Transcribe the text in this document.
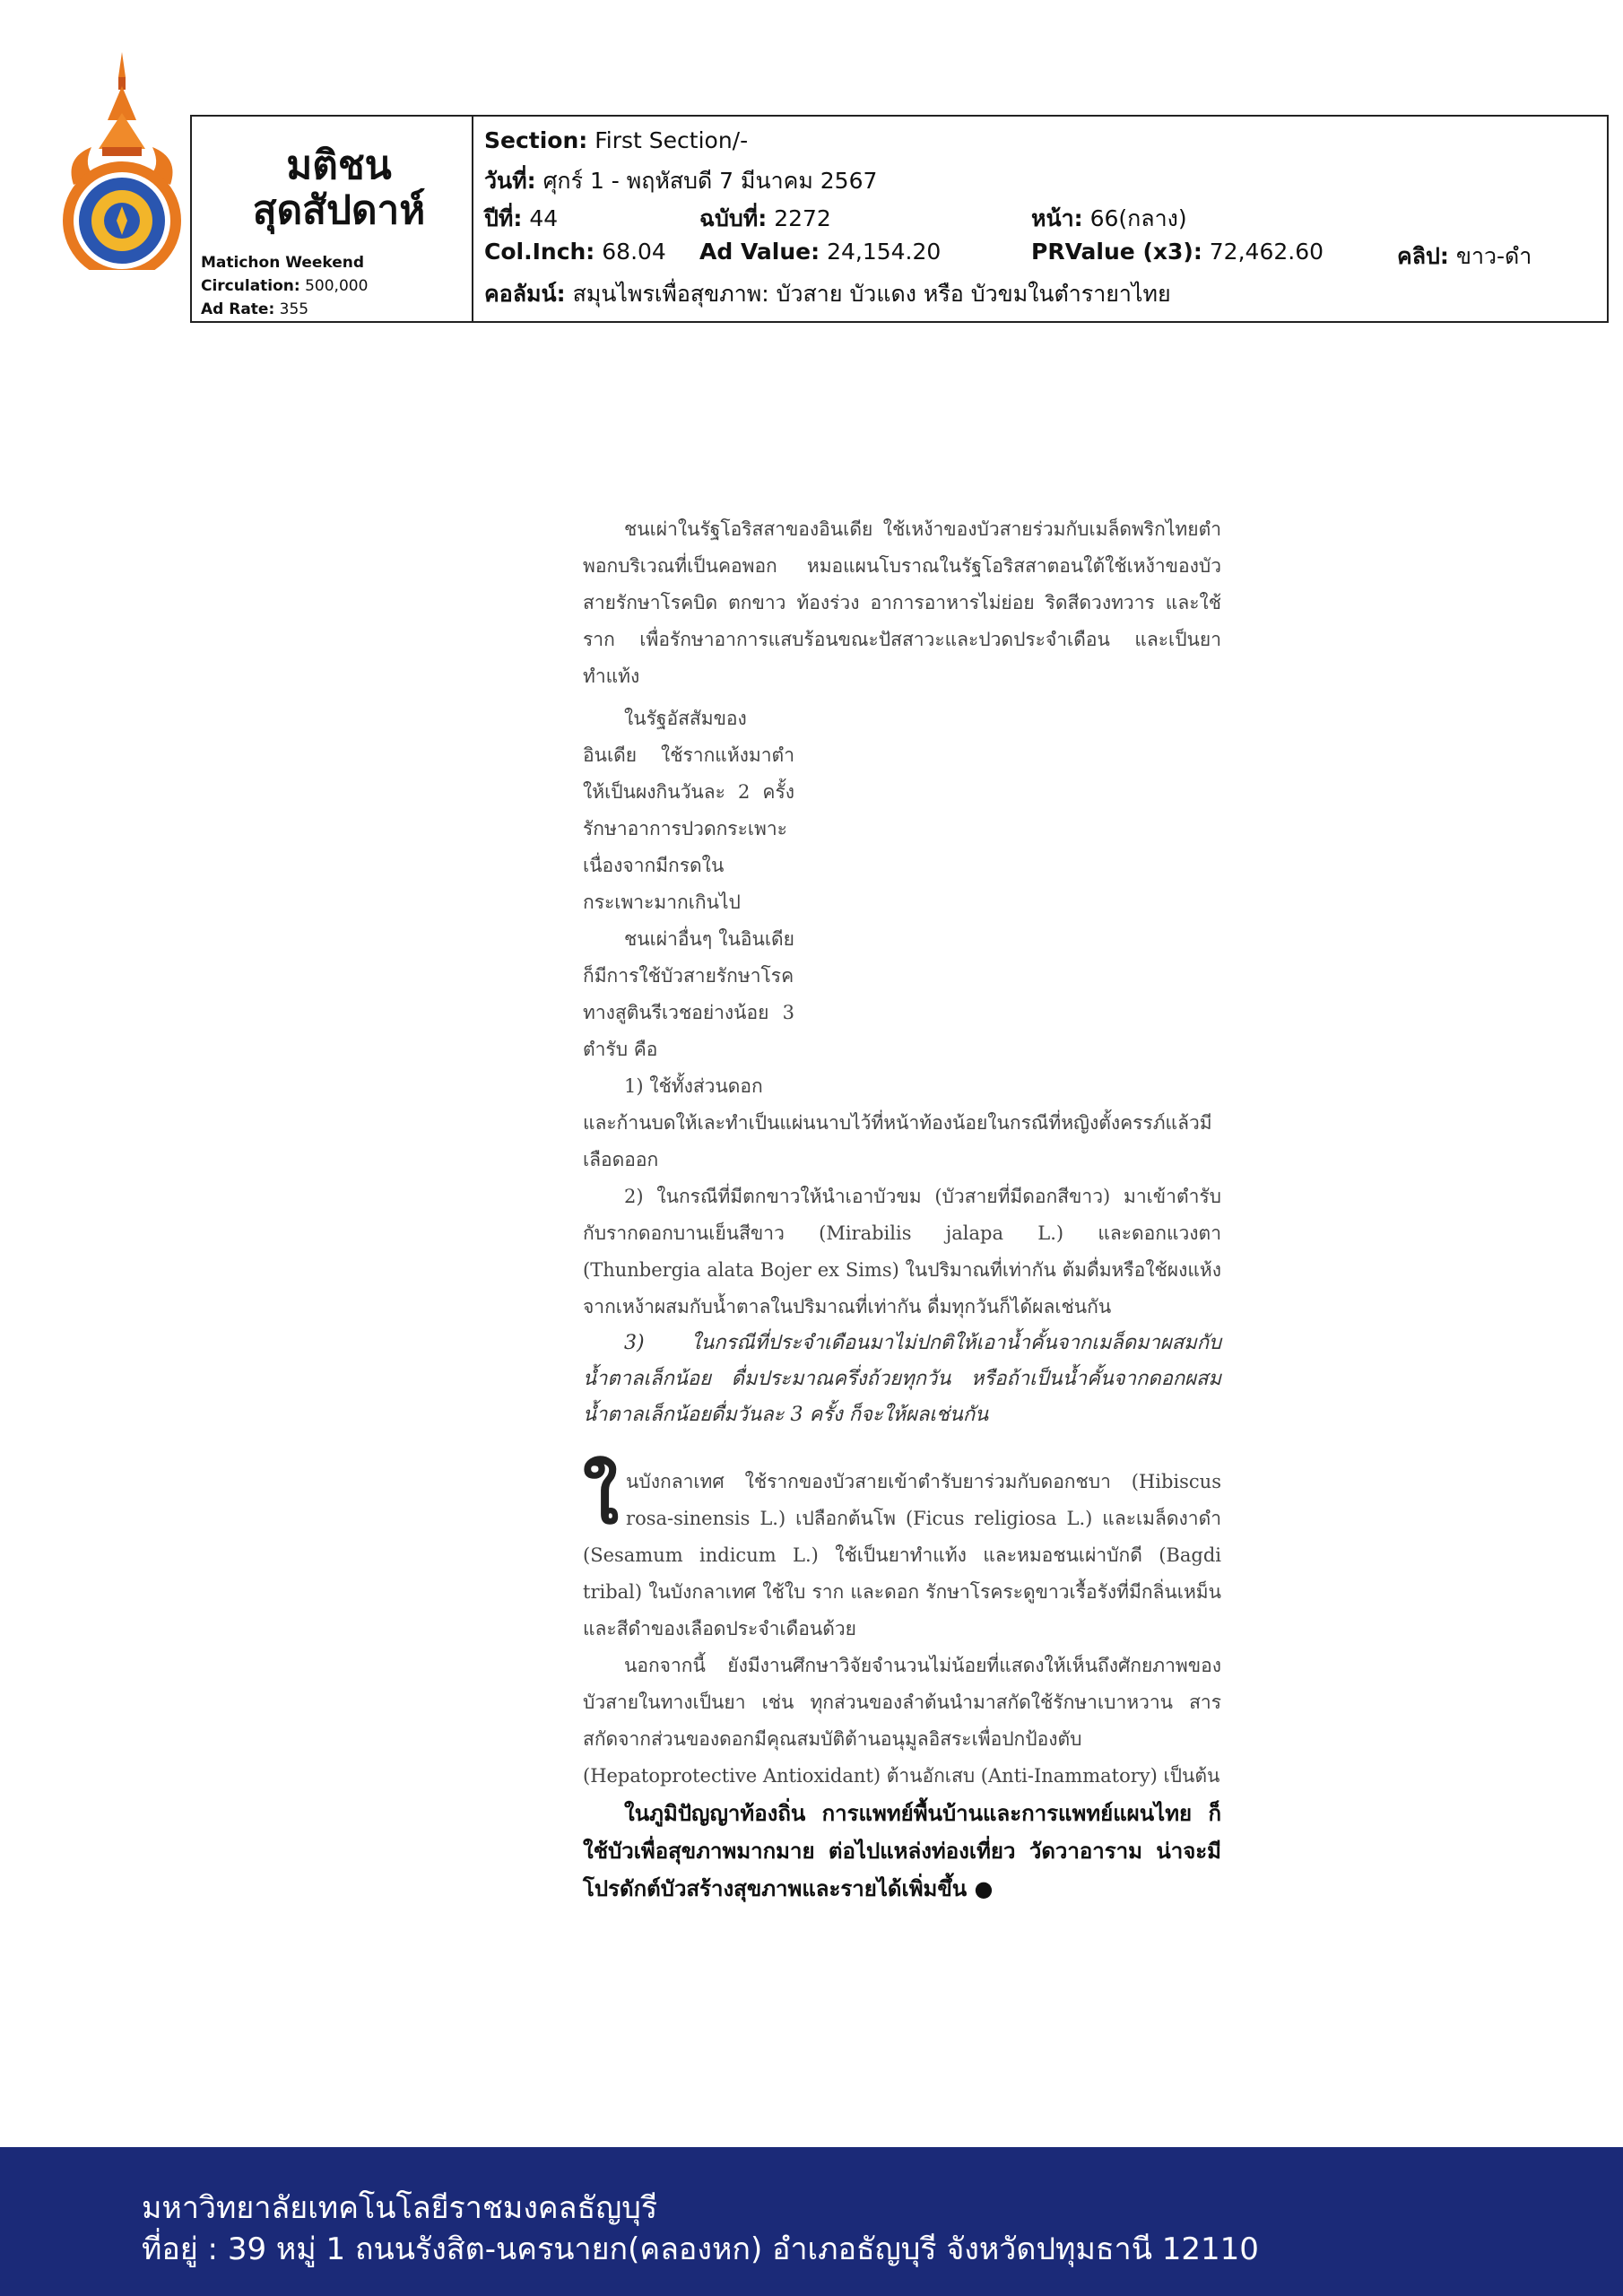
มติชน
สุดสัปดาห์
Matichon Weekend
Circulation: 500,000
Ad Rate: 355
Section: First Section/-
วันที่: ศุกร์ 1 - พฤหัสบดี 7 มีนาคม 2567
ปีที่: 44	ฉบับที่: 2272	หน้า: 66(กลาง)
Col.Inch: 68.04 Ad Value: 24,154.20	PRValue (x3): 72,462.60	คลิป: ขาว-ดำ
คอลัมน์: สมุนไพรเพื่อสุขภาพ: บัวสาย บัวแดง หรือ บัวขมในตำรายาไทย

ชนเผ่าในรัฐโอริสสาของอินเดีย ใช้เหง้าของบัวสายร่วมกับเมล็ดพริกไทยตำพอกบริเวณที่เป็นคอพอก หมอแผนโบราณในรัฐโอริสสาตอนใต้ใช้เหง้าของบัวสายรักษาโรคบิด ตกขาว ท้องร่วง อาการอาหารไม่ย่อย ริดสีดวงทวาร และใช้ราก เพื่อรักษาอาการแสบร้อนขณะปัสสาวะและปวดประจำเดือน และเป็นยาทำแท้ง

ในรัฐอัสสัมของอินเดีย ใช้รากแห้งมาตำให้เป็นผงกินวันละ 2 ครั้งรักษาอาการปวดกระเพาะเนื่องจากมีกรดในกระเพาะมากเกินไป

ชนเผ่าอื่นๆ ในอินเดียก็มีการใช้บัวสายรักษาโรคทางสูตินรีเวชอย่างน้อย 3 ตำรับ คือ

1) ใช้ทั้งส่วนดอก

และก้านบดให้เละทำเป็นแผ่นนาบไว้ที่หน้าท้องน้อยในกรณีที่หญิงตั้งครรภ์แล้วมีเลือดออก

2) ในกรณีที่มีตกขาวให้นำเอาบัวขม (บัวสายที่มีดอกสีขาว) มาเข้าตำรับกับรากดอกบานเย็นสีขาว (Mirabilis jalapa L.) และดอกแวงตา (Thunbergia alata Bojer ex Sims) ในปริมาณที่เท่ากัน ต้มดื่มหรือใช้ผงแห้งจากเหง้าผสมกับน้ำตาลในปริมาณที่เท่ากัน ดื่มทุกวันก็ได้ผลเช่นกัน

3) ในกรณีที่ประจำเดือนมาไม่ปกติให้เอาน้ำคั้นจากเมล็ดมาผสมกับน้ำตาลเล็กน้อย ดื่มประมาณครึ่งถ้วยทุกวัน หรือถ้าเป็นน้ำคั้นจากดอกผสมน้ำตาลเล็กน้อยดื่มวันละ 3 ครั้ง ก็จะให้ผลเช่นกัน

ในบังกลาเทศ ใช้รากของบัวสายเข้าตำรับยาร่วมกับดอกชบา (Hibiscus rosa-sinensis L.) เปลือกต้นโพ (Ficus religiosa L.) และเมล็ดงาดำ (Sesamum indicum L.) ใช้เป็นยาทำแท้ง และหมอชนเผ่าบักดี (Bagdi tribal) ในบังกลาเทศ ใช้ใบ ราก และดอก รักษาโรคระดูขาวเรื้อรังที่มีกลิ่นเหม็นและสีดำของเลือดประจำเดือนด้วย

นอกจากนี้ ยังมีงานศึกษาวิจัยจำนวนไม่น้อยที่แสดงให้เห็นถึงศักยภาพของบัวสายในทางเป็นยา เช่น ทุกส่วนของลำต้นนำมาสกัดใช้รักษาเบาหวาน สารสกัดจากส่วนของดอกมีคุณสมบัติต้านอนุมูลอิสระเพื่อปกป้องตับ (Hepatoprotective Antioxidant) ต้านอักเสบ (Anti-Inammatory) เป็นต้น

ในภูมิปัญญาท้องถิ่น การแพทย์พื้นบ้านและการแพทย์แผนไทย ก็ใช้บัวเพื่อสุขภาพมากมาย ต่อไปแหล่งท่องเที่ยว วัดวาอาราม น่าจะมีโปรดักต์บัวสร้างสุขภาพและรายได้เพิ่มขึ้น ●

มหาวิทยาลัยเทคโนโลยีราชมงคลธัญบุรี
ที่อยู่ : 39 หมู่ 1 ถนนรังสิต-นครนายก(คลองหก) อำเภอธัญบุรี จังหวัดปทุมธานี 12110
